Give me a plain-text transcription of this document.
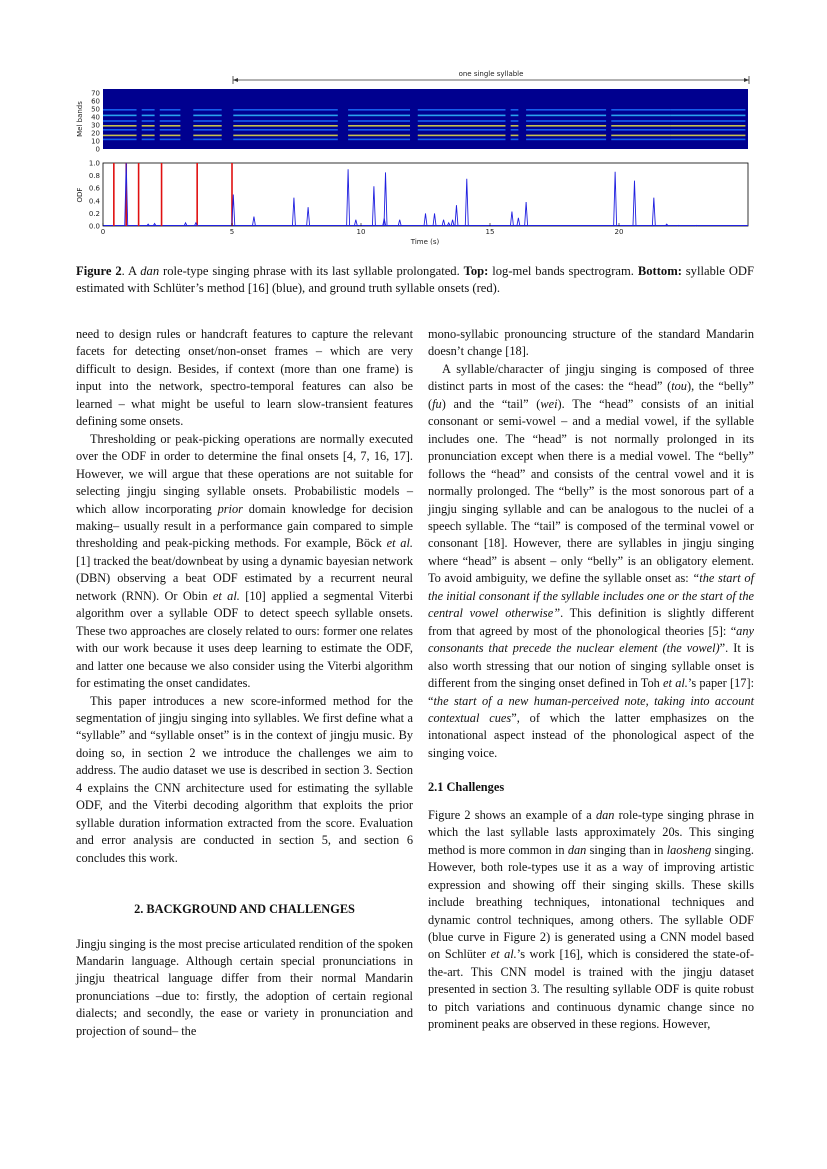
one single syllable
Mel bands
0
10
20
30
40
50
60
70
0.0
0.2
0.4
0.6
0.8
1.0
0	5	10	15	20
ODF
Time (s)
Figure 2. A dan role-type singing phrase with its last syllable prolongated. Top: log-mel bands spectrogram. Bottom: syllable ODF estimated with Schlüter’s method [16] (blue), and ground truth syllable onsets (red).

need to design rules or handcraft features to capture the relevant facets for detecting onset/non-onset frames – which are very difficult to design. Besides, if context (more than one frame) is input into the network, spectro-temporal features can also be learned – what might be useful to learn slow-transient features defining some onsets.

Thresholding or peak-picking operations are normally executed over the ODF in order to determine the final onsets [4, 7, 16, 17]. However, we will argue that these operations are not suitable for selecting jingju singing syllable onsets. Probabilistic models –which allow incorporating prior domain knowledge for decision making– usually result in a performance gain compared to simple thresholding and peak-picking methods. For example, Böck et al. [1] tracked the beat/downbeat by using a dynamic bayesian network (DBN) observing a beat ODF estimated by a recurrent neural network (RNN). Or Obin et al. [10] applied a segmental Viterbi algorithm over a syllable ODF to detect speech syllable onsets. These two approaches are closely related to ours: former one relates with our work because it uses deep learning to estimate the ODF, and latter one because we also consider using the Viterbi algorithm for estimating the onset candidates.

This paper introduces a new score-informed method for the segmentation of jingju singing into syllables. We first define what a “syllable” and “syllable onset” is in the context of jingju music. By doing so, in section 2 we introduce the challenges we aim to address. The audio dataset we use is described in section 3. Section 4 explains the CNN architecture used for estimating the syllable ODF, and the Viterbi decoding algorithm that exploits the prior syllable duration information extracted from the score. Evaluation and error analysis are conducted in section 5, and section 6 concludes this work.

2. BACKGROUND AND CHALLENGES

Jingju singing is the most precise articulated rendition of the spoken Mandarin language. Although certain special pronunciations in jingju theatrical language differ from their normal Mandarin pronunciations –due to: firstly, the adoption of certain regional dialects; and secondly, the ease or variety in pronunciation and projection of sound– the

mono-syllabic pronouncing structure of the standard Mandarin doesn’t change [18].

A syllable/character of jingju singing is composed of three distinct parts in most of the cases: the “head” (tou), the “belly” (fu) and the “tail” (wei). The “head” consists of an initial consonant or semi-vowel – and a medial vowel, if the syllable includes one. The “head” is not normally prolonged in its pronunciation except when there is a medial vowel. The “belly” follows the “head” and consists of the central vowel and it is normally prolonged. The “belly” is the most sonorous part of a jingju singing syllable and can be analogous to the nuclei of a speech syllable. The “tail” is composed of the terminal vowel or consonant [18]. However, there are syllables in jingju singing where “head” is absent – only “belly” is an obligatory element. To avoid ambiguity, we define the syllable onset as: “the start of the initial consonant if the syllable includes one or the start of the central vowel otherwise”. This definition is slightly different from that agreed by most of the phonological theories [5]: “any consonants that precede the nuclear element (the vowel)”. It is also worth stressing that our notion of singing syllable onset is different from the singing onset defined in Toh et al.’s paper [17]: “the start of a new human-perceived note, taking into account contextual cues”, of which the latter emphasizes on the intonational aspect instead of the phonological aspect of the singing voice.

2.1 Challenges

Figure 2 shows an example of a dan role-type singing phrase in which the last syllable lasts approximately 20s. This singing method is more common in dan singing than in laosheng singing. However, both role-types use it as a way of improving artistic expression and showing off their singing skills. These skills include breathing techniques, intonational techniques and dynamic control techniques, among others. The syllable ODF (blue curve in Figure 2) is generated using a CNN model based on Schlüter et al.’s work [16], which is considered the state-of-the-art. This CNN model is trained with the jingju dataset presented in section 3. The resulting syllable ODF is quite robust to pitch variations and continuous dynamic change since no prominent peaks are observed in these regions. However,
